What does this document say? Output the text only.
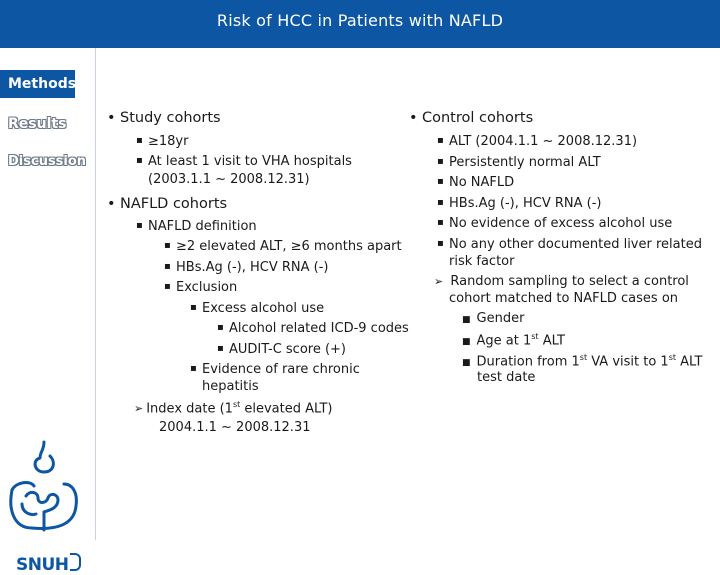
Risk of HCC in Patients with NAFLD
Methods
Results
Discussion
SNUH
• Study cohorts
▪ ≥18yr
▪ At least 1 visit to VHA hospitals
(2003.1.1 ~ 2008.12.31)
• NAFLD cohorts
▪ NAFLD definition
▪ ≥2 elevated ALT, ≥6 months apart
▪ HBs.Ag (-), HCV RNA (-)
▪ Exclusion
▪ Excess alcohol use
▪ Alcohol related ICD-9 codes
▪ AUDIT-C score (+)
▪ Evidence of rare chronic
hepatitis
➢ Index date (1st elevated ALT)
2004.1.1 ~ 2008.12.31
• Control cohorts
▪ ALT (2004.1.1 ~ 2008.12.31)
▪ Persistently normal ALT
▪ No NAFLD
▪ HBs.Ag (-), HCV RNA (-)
▪ No evidence of excess alcohol use
▪ No any other documented liver related
risk factor
➢ Random sampling to select a control
cohort matched to NAFLD cases on
■ Gender
■ Age at 1st ALT
■ Duration from 1st VA visit to 1st ALT
test date
